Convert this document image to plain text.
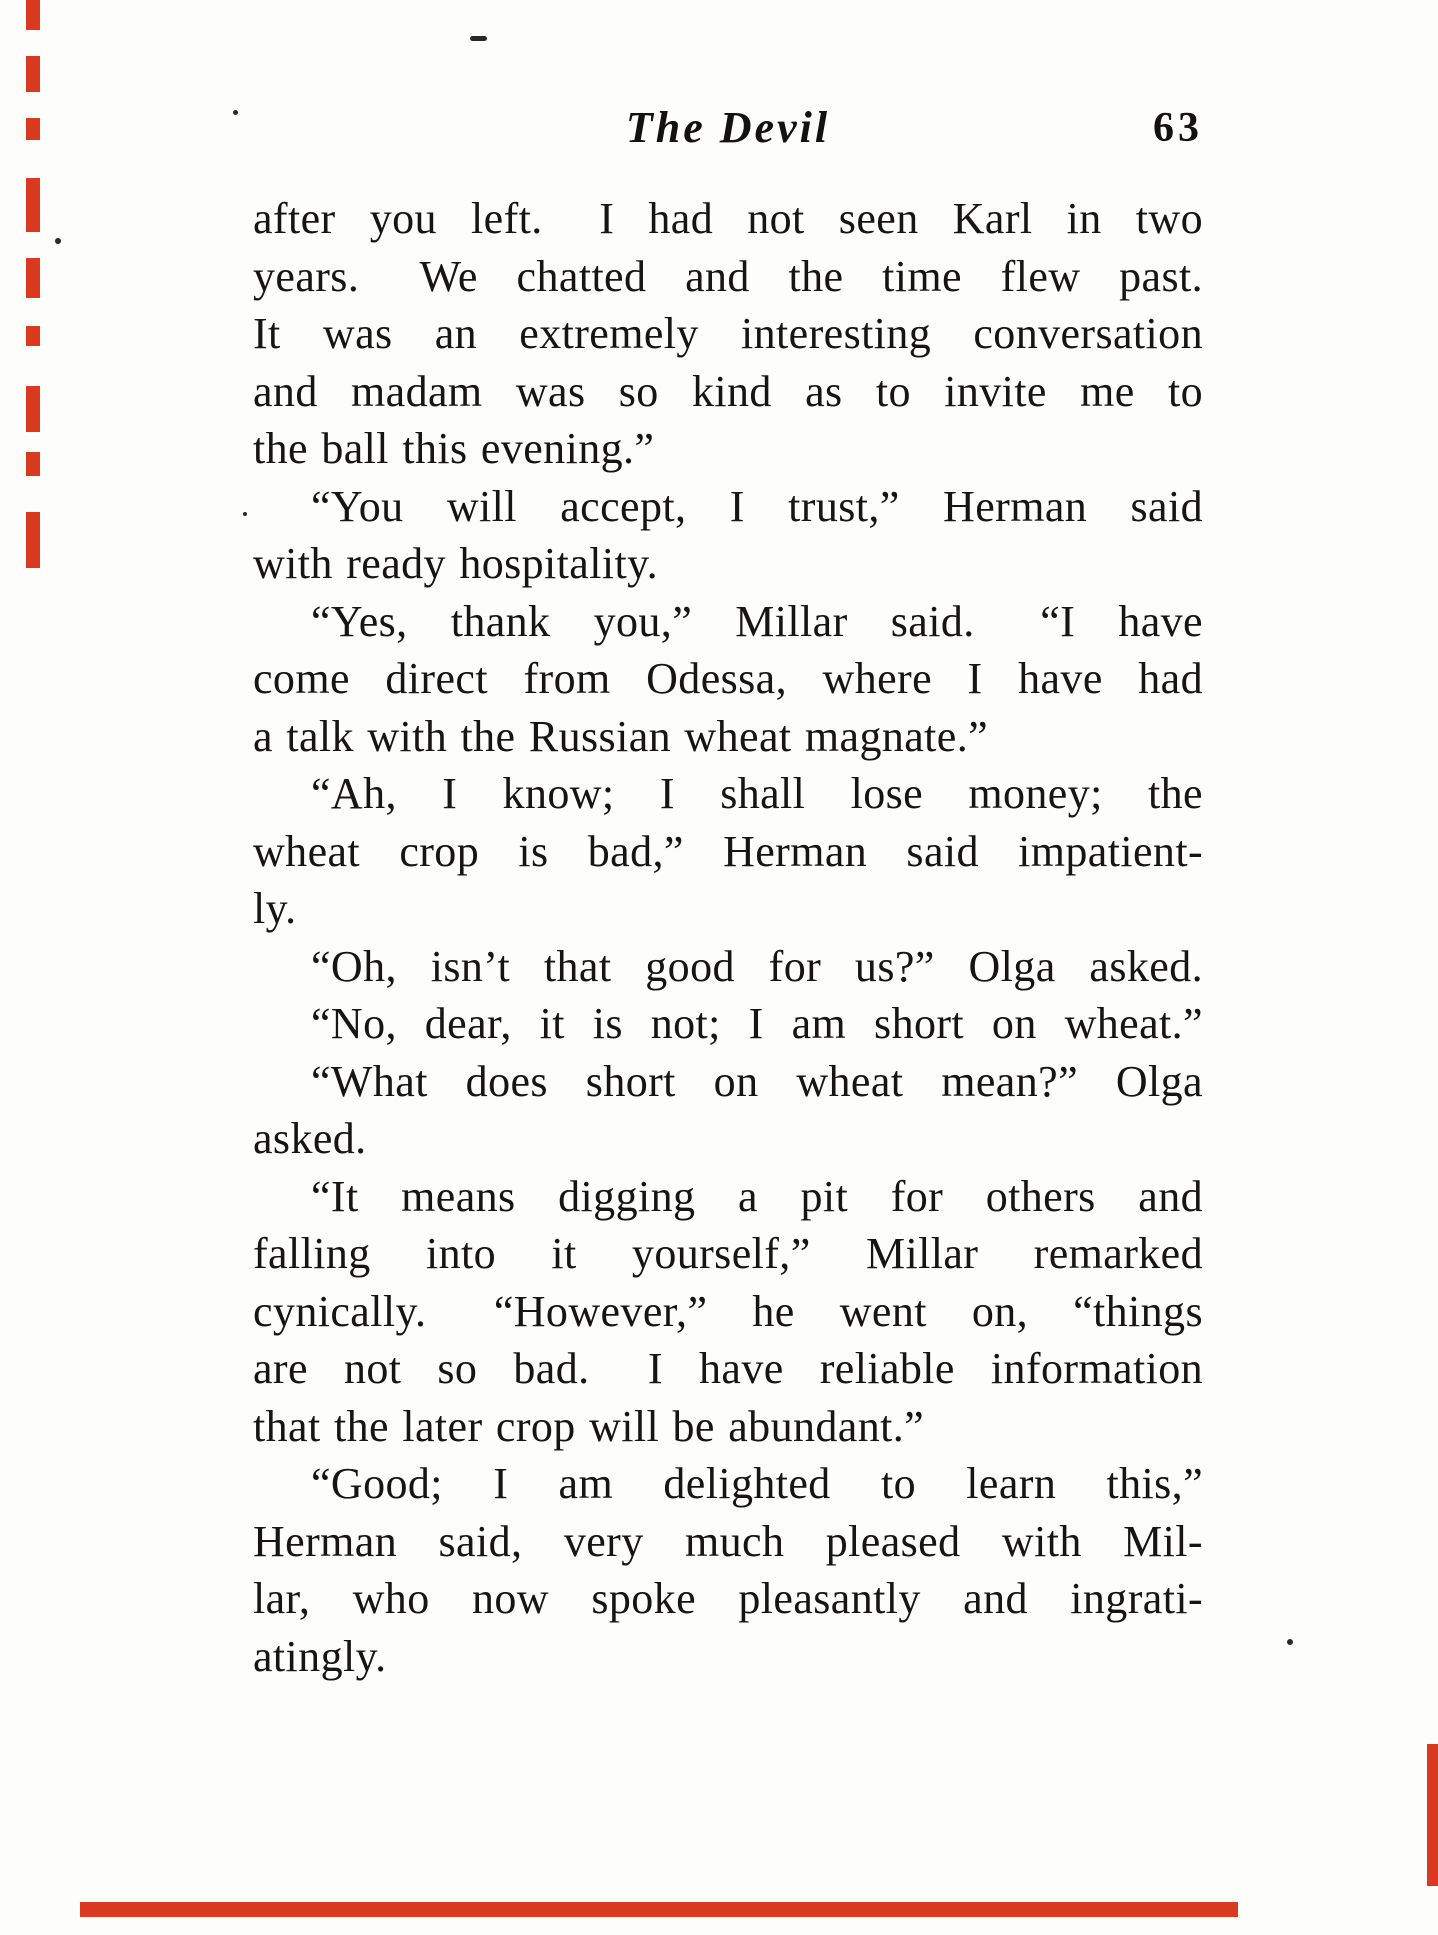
The Devil	63
after you left.  I had not seen Karl in two
years.  We chatted and the time flew past.
It was an extremely interesting conversation
and madam was so kind as to invite me to
the ball this evening.”
“You will accept, I trust,” Herman said
with ready hospitality.
“Yes, thank you,” Millar said.  “I have
come direct from Odessa, where I have had
a talk with the Russian wheat magnate.”
“Ah, I know; I shall lose money; the
wheat crop is bad,” Herman said impatient-
ly.
“Oh, isn’t that good for us?” Olga asked.
“No, dear, it is not; I am short on wheat.”
“What does short on wheat mean?” Olga
asked.
“It means digging a pit for others and
falling into it yourself,” Millar remarked
cynically.  “However,” he went on, “things
are not so bad.  I have reliable information
that the later crop will be abundant.”
“Good; I am delighted to learn this,”
Herman said, very much pleased with Mil-
lar, who now spoke pleasantly and ingrati-
atingly.
